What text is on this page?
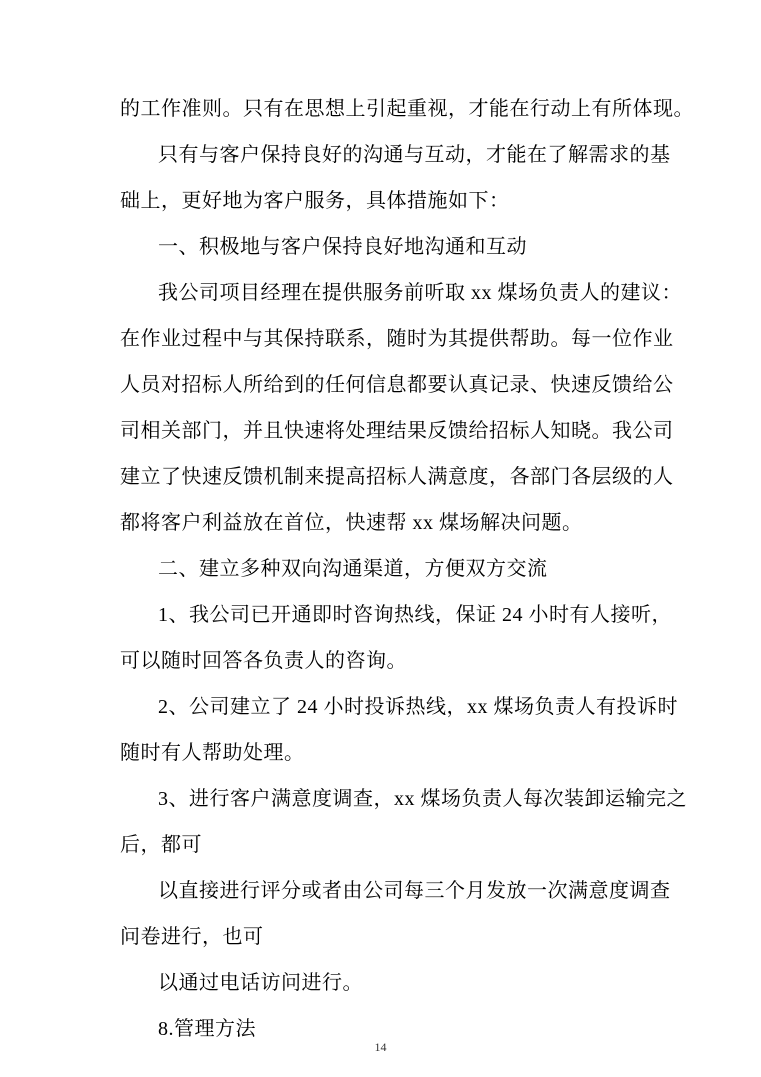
的工作准则。只有在思想上引起重视，才能在行动上有所体现。
只有与客户保持良好的沟通与互动，才能在了解需求的基
础上，更好地为客户服务，具体措施如下：
一、积极地与客户保持良好地沟通和互动
我公司项目经理在提供服务前听取 xx 煤场负责人的建议：
在作业过程中与其保持联系，随时为其提供帮助。每一位作业
人员对招标人所给到的任何信息都要认真记录、快速反馈给公
司相关部门，并且快速将处理结果反馈给招标人知晓。我公司
建立了快速反馈机制来提高招标人满意度，各部门各层级的人
都将客户利益放在首位，快速帮 xx 煤场解决问题。
二、建立多种双向沟通渠道，方便双方交流
1、我公司已开通即时咨询热线，保证 24 小时有人接听，
可以随时回答各负责人的咨询。
2、公司建立了 24 小时投诉热线，xx 煤场负责人有投诉时
随时有人帮助处理。
3、进行客户满意度调查，xx 煤场负责人每次装卸运输完之
后，都可
以直接进行评分或者由公司每三个月发放一次满意度调查
问卷进行，也可
以通过电话访问进行。
8.管理方法
14
